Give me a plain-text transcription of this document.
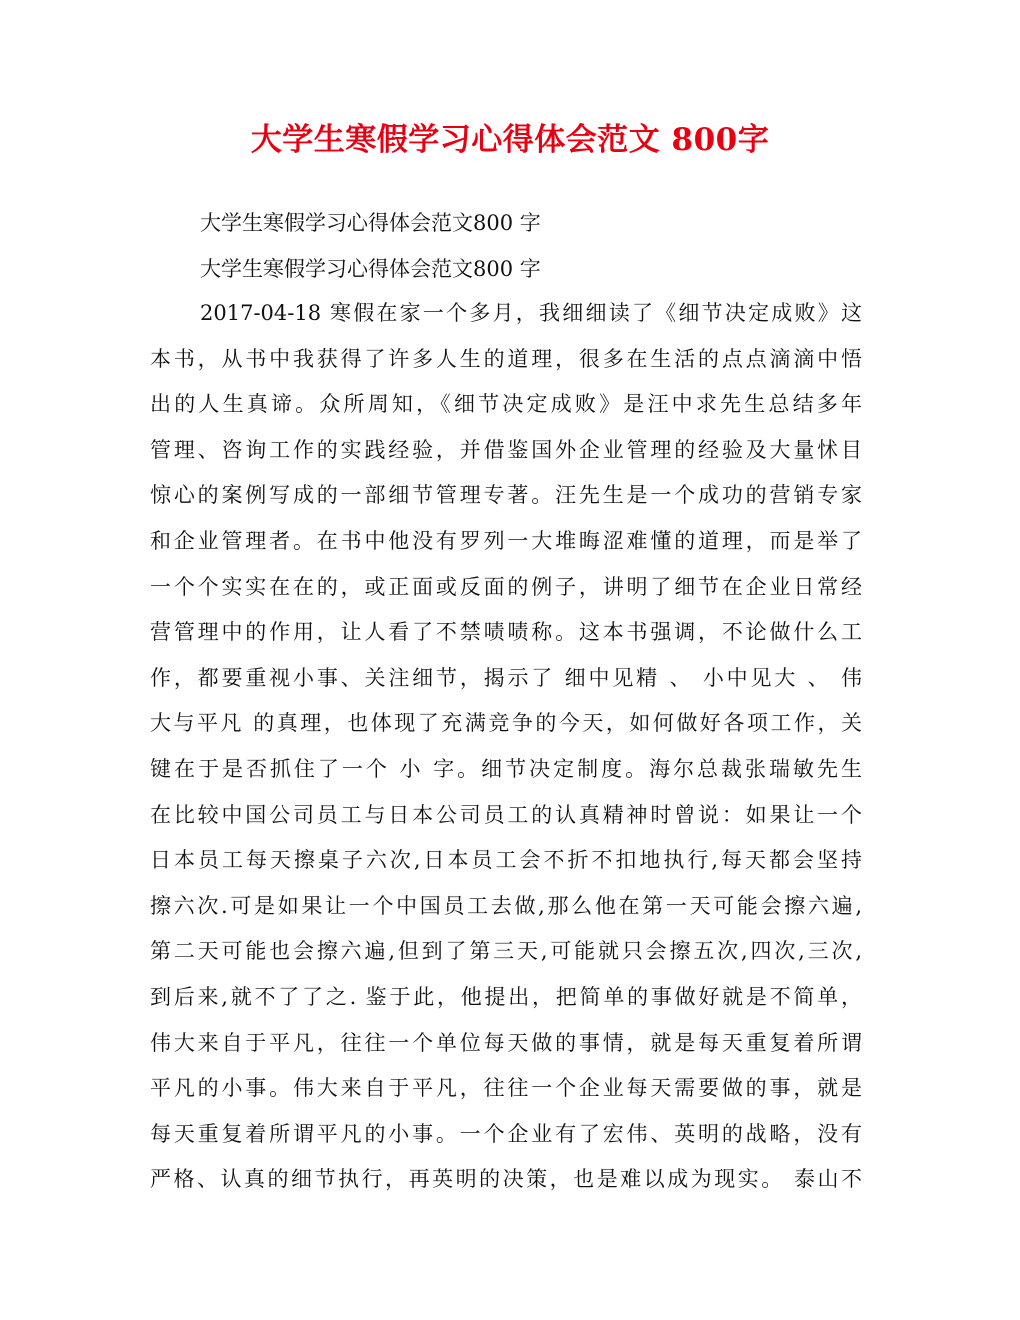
大学生寒假学习心得体会范文 800字
大学生寒假学习心得体会范文800 字
大学生寒假学习心得体会范文800 字
2017-04-18 寒假在家一个多月，我细细读了《细节决定成败》这
本书，从书中我获得了许多人生的道理，很多在生活的点点滴滴中悟
出的人生真谛。众所周知，《细节决定成败》是汪中求先生总结多年
管理、咨询工作的实践经验，并借鉴国外企业管理的经验及大量怵目
惊心的案例写成的一部细节管理专著。汪先生是一个成功的营销专家
和企业管理者。在书中他没有罗列一大堆晦涩难懂的道理，而是举了
一个个实实在在的，或正面或反面的例子，讲明了细节在企业日常经
营管理中的作用，让人看了不禁啧啧称。这本书强调，不论做什么工
作，都要重视小事、关注细节，揭示了 细中见精 、 小中见大 、 伟
大与平凡 的真理，也体现了充满竞争的今天，如何做好各项工作，关
键在于是否抓住了一个 小 字。细节决定制度。海尔总裁张瑞敏先生
在比较中国公司员工与日本公司员工的认真精神时曾说：如果让一个
日本员工每天擦桌子六次,日本员工会不折不扣地执行,每天都会坚持
擦六次.可是如果让一个中国员工去做,那么他在第一天可能会擦六遍,
第二天可能也会擦六遍,但到了第三天,可能就只会擦五次,四次,三次,
到后来,就不了了之. 鉴于此，他提出，把简单的事做好就是不简单，
伟大来自于平凡，往往一个单位每天做的事情，就是每天重复着所谓
平凡的小事。伟大来自于平凡，往往一个企业每天需要做的事，就是
每天重复着所谓平凡的小事。一个企业有了宏伟、英明的战略，没有
严格、认真的细节执行，再英明的决策，也是难以成为现实。 泰山不
